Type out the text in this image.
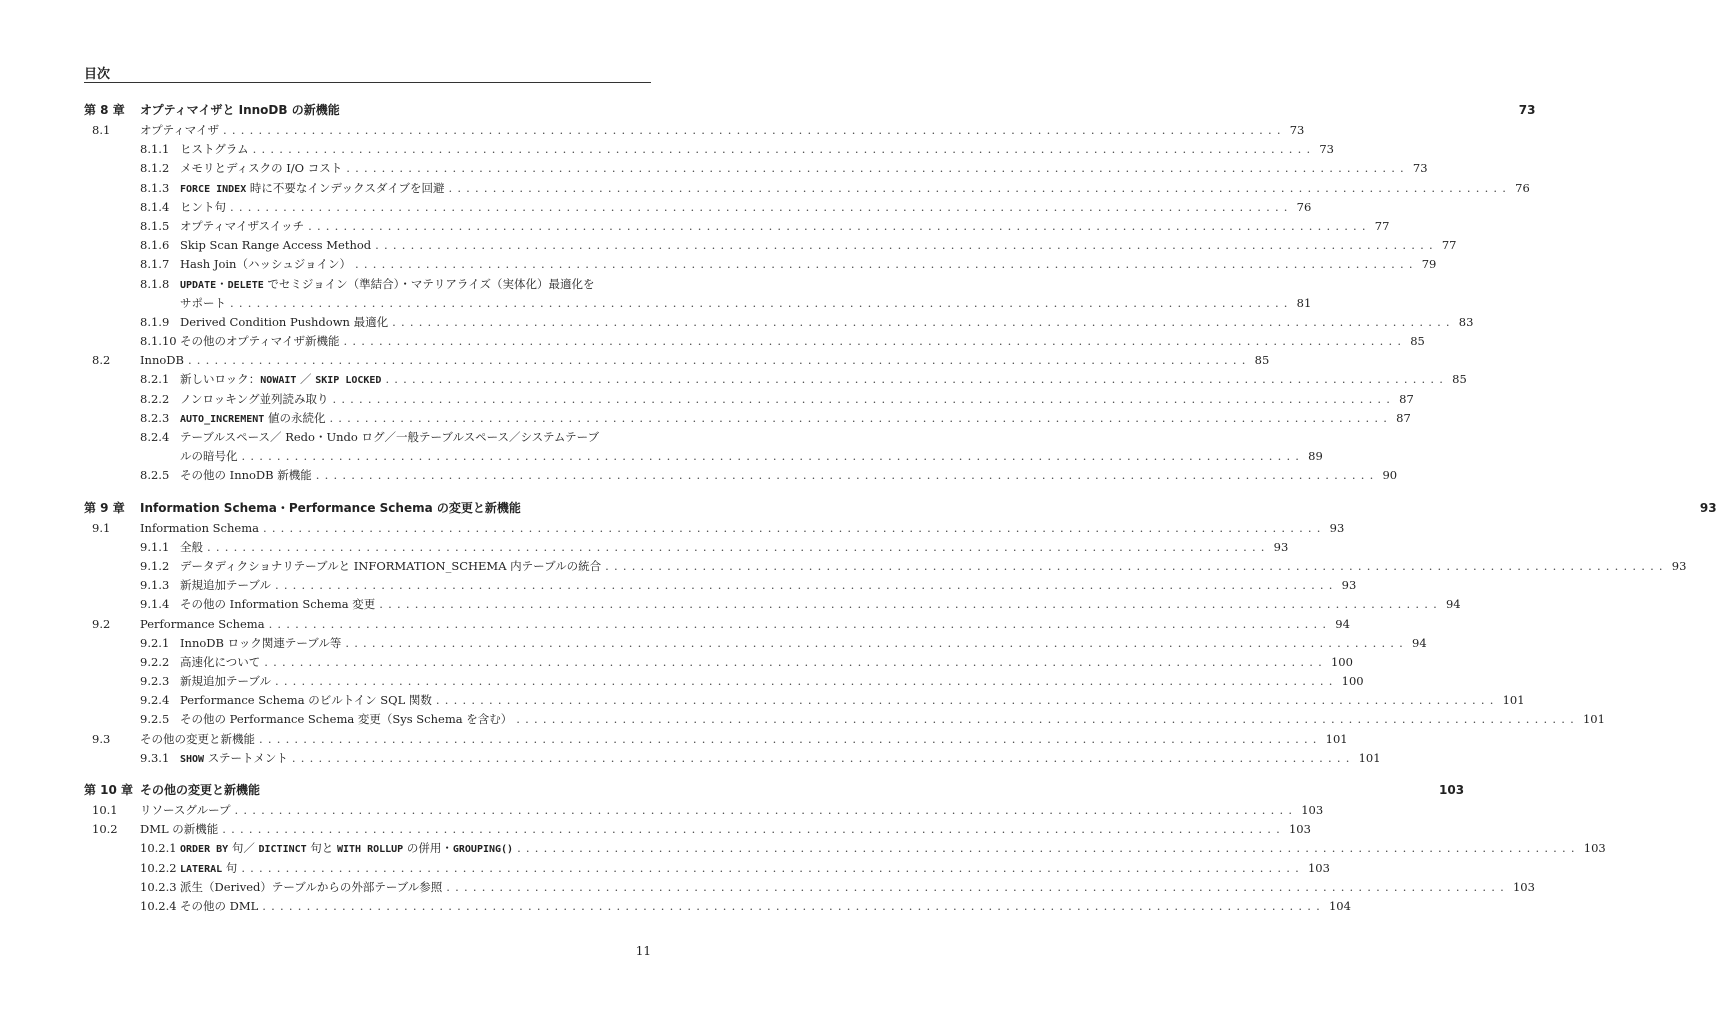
目次
第 8 章	オプティマイザと InnoDB の新機能	73
8.1	オプティマイザ ........................................................................................................................ 73
8.1.1 ヒストグラム ........................................................................................................................ 73
8.1.2 メモリとディスクの I/O コスト ........................................................................................................................ 73
8.1.3	FORCE INDEX 時に不要なインデックスダイブを回避 ........................................................................................................................ 76
8.1.4 ヒント句 ........................................................................................................................ 76
8.1.5 オプティマイザスイッチ ........................................................................................................................ 77
8.1.6 Skip Scan Range Access Method ........................................................................................................................ 77
8.1.7 Hash Join（ハッシュジョイン） ........................................................................................................................ 79
8.1.8	UPDATE・DELETE でセミジョイン（準結合）・マテリアライズ（実体化）最適化を
サポート ........................................................................................................................ 81
8.1.9 Derived Condition Pushdown 最適化 ........................................................................................................................ 83
8.1.10 その他のオプティマイザ新機能 ........................................................................................................................ 85
8.2	InnoDB ........................................................................................................................ 85
8.2.1 新しいロック：NOWAIT ／ SKIP LOCKED ........................................................................................................................ 85
8.2.2 ノンロッキング並列読み取り ........................................................................................................................ 87
8.2.3	AUTO_INCREMENT 値の永続化 ........................................................................................................................ 87
8.2.4 テーブルスペース／ Redo・Undo ログ／一般テーブルスペース／システムテーブ
ルの暗号化 ........................................................................................................................ 89
8.2.5 その他の InnoDB 新機能 ........................................................................................................................ 90
第 9 章	Information Schema・Performance Schema の変更と新機能	93
9.1	Information Schema ........................................................................................................................ 93
9.1.1 全般 ........................................................................................................................ 93
9.1.2 データディクショナリテーブルと INFORMATION_SCHEMA 内テーブルの統合 ........................................................................................................................ 93
9.1.3 新規追加テーブル ........................................................................................................................ 93
9.1.4 その他の Information Schema 変更 ........................................................................................................................ 94
9.2	Performance Schema ........................................................................................................................ 94
9.2.1 InnoDB ロック関連テーブル等 ........................................................................................................................ 94
9.2.2 高速化について ........................................................................................................................ 100
9.2.3 新規追加テーブル ........................................................................................................................ 100
9.2.4 Performance Schema のビルトイン SQL 関数 ........................................................................................................................ 101
9.2.5 その他の Performance Schema 変更（Sys Schema を含む） ........................................................................................................................ 101
9.3	その他の変更と新機能 ........................................................................................................................ 101
9.3.1	SHOW ステートメント ........................................................................................................................ 101
第 10 章 その他の変更と新機能	103
10.1	リソースグループ ........................................................................................................................ 103
10.2	DML の新機能 ........................................................................................................................ 103
10.2.1 ORDER BY 句／ DICTINCT 句と WITH ROLLUP の併用・GROUPING() ........................................................................................................................ 103
10.2.2 LATERAL 句 ........................................................................................................................ 103
10.2.3 派生（Derived）テーブルからの外部テーブル参照 ........................................................................................................................ 103
10.2.4 その他の DML ........................................................................................................................ 104
11
